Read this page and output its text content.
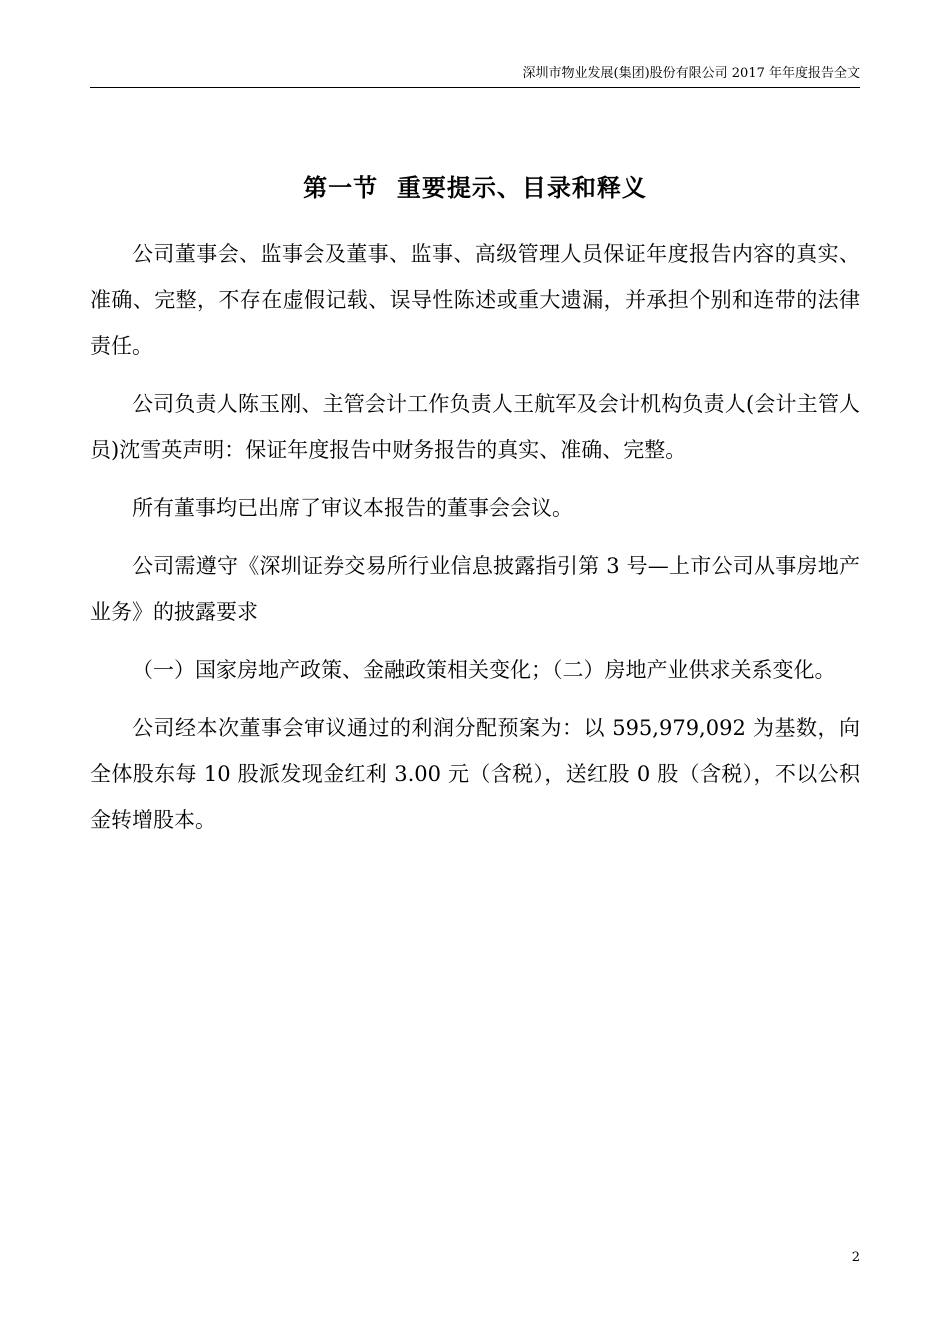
深圳市物业发展(集团)股份有限公司 2017 年年度报告全文
第一节  重要提示、目录和释义

公司董事会、监事会及董事、监事、高级管理人员保证年度报告内容的真实、准确、完整，不存在虚假记载、误导性陈述或重大遗漏，并承担个别和连带的法律责任。

公司负责人陈玉刚、主管会计工作负责人王航军及会计机构负责人(会计主管人员)沈雪英声明：保证年度报告中财务报告的真实、准确、完整。

所有董事均已出席了审议本报告的董事会会议。

公司需遵守《深圳证券交易所行业信息披露指引第 3 号—上市公司从事房地产业务》的披露要求

（一）国家房地产政策、金融政策相关变化；（二）房地产业供求关系变化。

公司经本次董事会审议通过的利润分配预案为：以 595,979,092 为基数，向全体股东每 10 股派发现金红利 3.00 元（含税），送红股 0 股（含税），不以公积金转增股本。

2
